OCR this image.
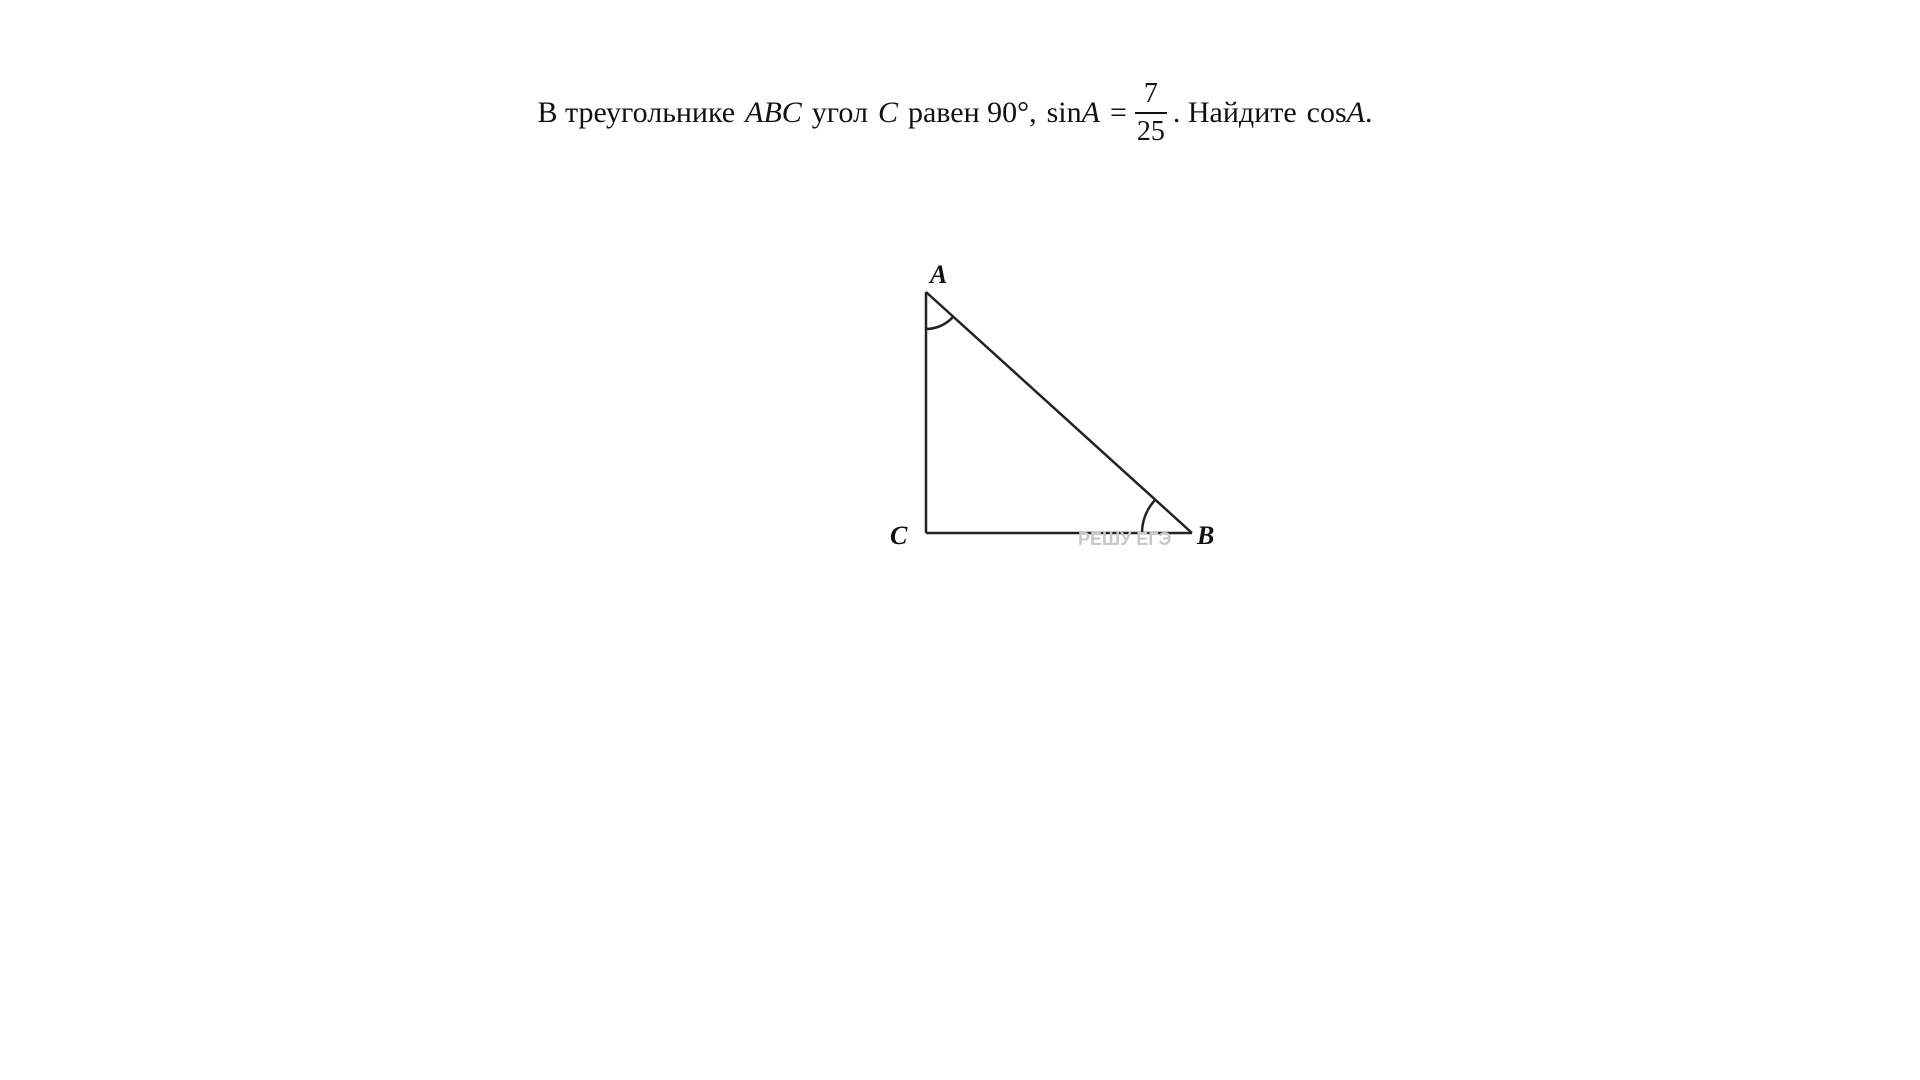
В треугольнике ABC угол C равен 90°, $\sin A = \frac{7}{25}$ . Найдите cos A .
РЕШУ ЕГЭ
A
C	B
